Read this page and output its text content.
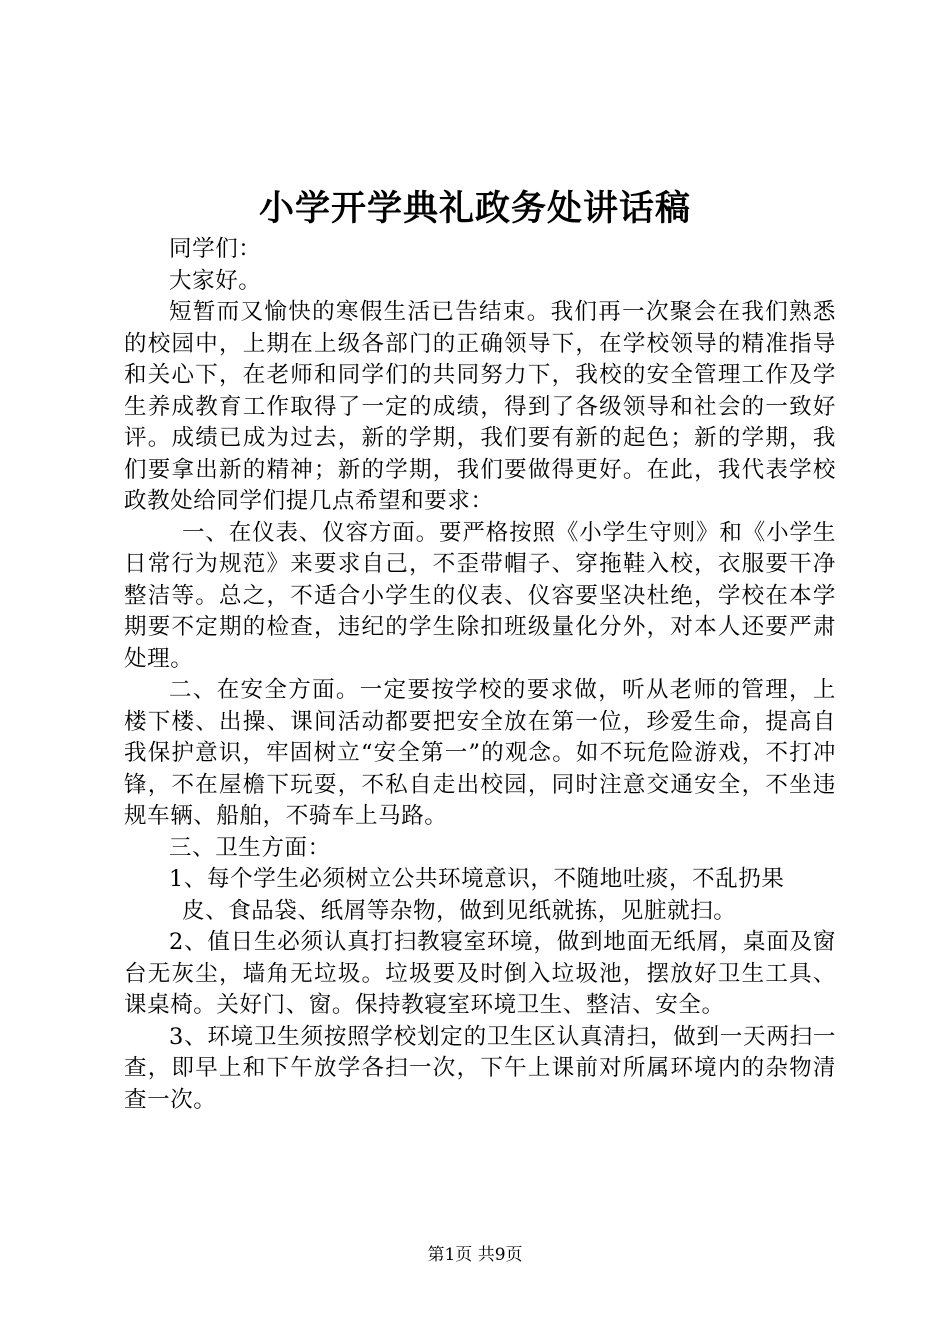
小学开学典礼政务处讲话稿

同学们：

大家好。

短暂而又愉快的寒假生活已告结束。我们再一次聚会在我们熟悉的校园中，上期在上级各部门的正确领导下，在学校领导的精准指导和关心下，在老师和同学们的共同努力下，我校的安全管理工作及学生养成教育工作取得了一定的成绩，得到了各级领导和社会的一致好评。成绩已成为过去，新的学期，我们要有新的起色；新的学期，我们要拿出新的精神；新的学期，我们要做得更好。在此，我代表学校政教处给同学们提几点希望和要求：

一、在仪表、仪容方面。要严格按照《小学生守则》和《小学生日常行为规范》来要求自己，不歪带帽子、穿拖鞋入校，衣服要干净整洁等。总之，不适合小学生的仪表、仪容要坚决杜绝，学校在本学期要不定期的检查，违纪的学生除扣班级量化分外，对本人还要严肃处理。

二、在安全方面。一定要按学校的要求做，听从老师的管理，上楼下楼、出操、课间活动都要把安全放在第一位，珍爱生命，提高自我保护意识，牢固树立“安全第一”的观念。如不玩危险游戏，不打冲锋，不在屋檐下玩耍，不私自走出校园，同时注意交通安全，不坐违规车辆、船舶，不骑车上马路。

三、卫生方面：

1、每个学生必须树立公共环境意识，不随地吐痰，不乱扔果

皮、食品袋、纸屑等杂物，做到见纸就拣，见脏就扫。

2、值日生必须认真打扫教寝室环境，做到地面无纸屑，桌面及窗台无灰尘，墙角无垃圾。垃圾要及时倒入垃圾池，摆放好卫生工具、课桌椅。关好门、窗。保持教寝室环境卫生、整洁、安全。

3、环境卫生须按照学校划定的卫生区认真清扫，做到一天两扫一查，即早上和下午放学各扫一次，下午上课前对所属环境内的杂物清查一次。

第1页 共9页
